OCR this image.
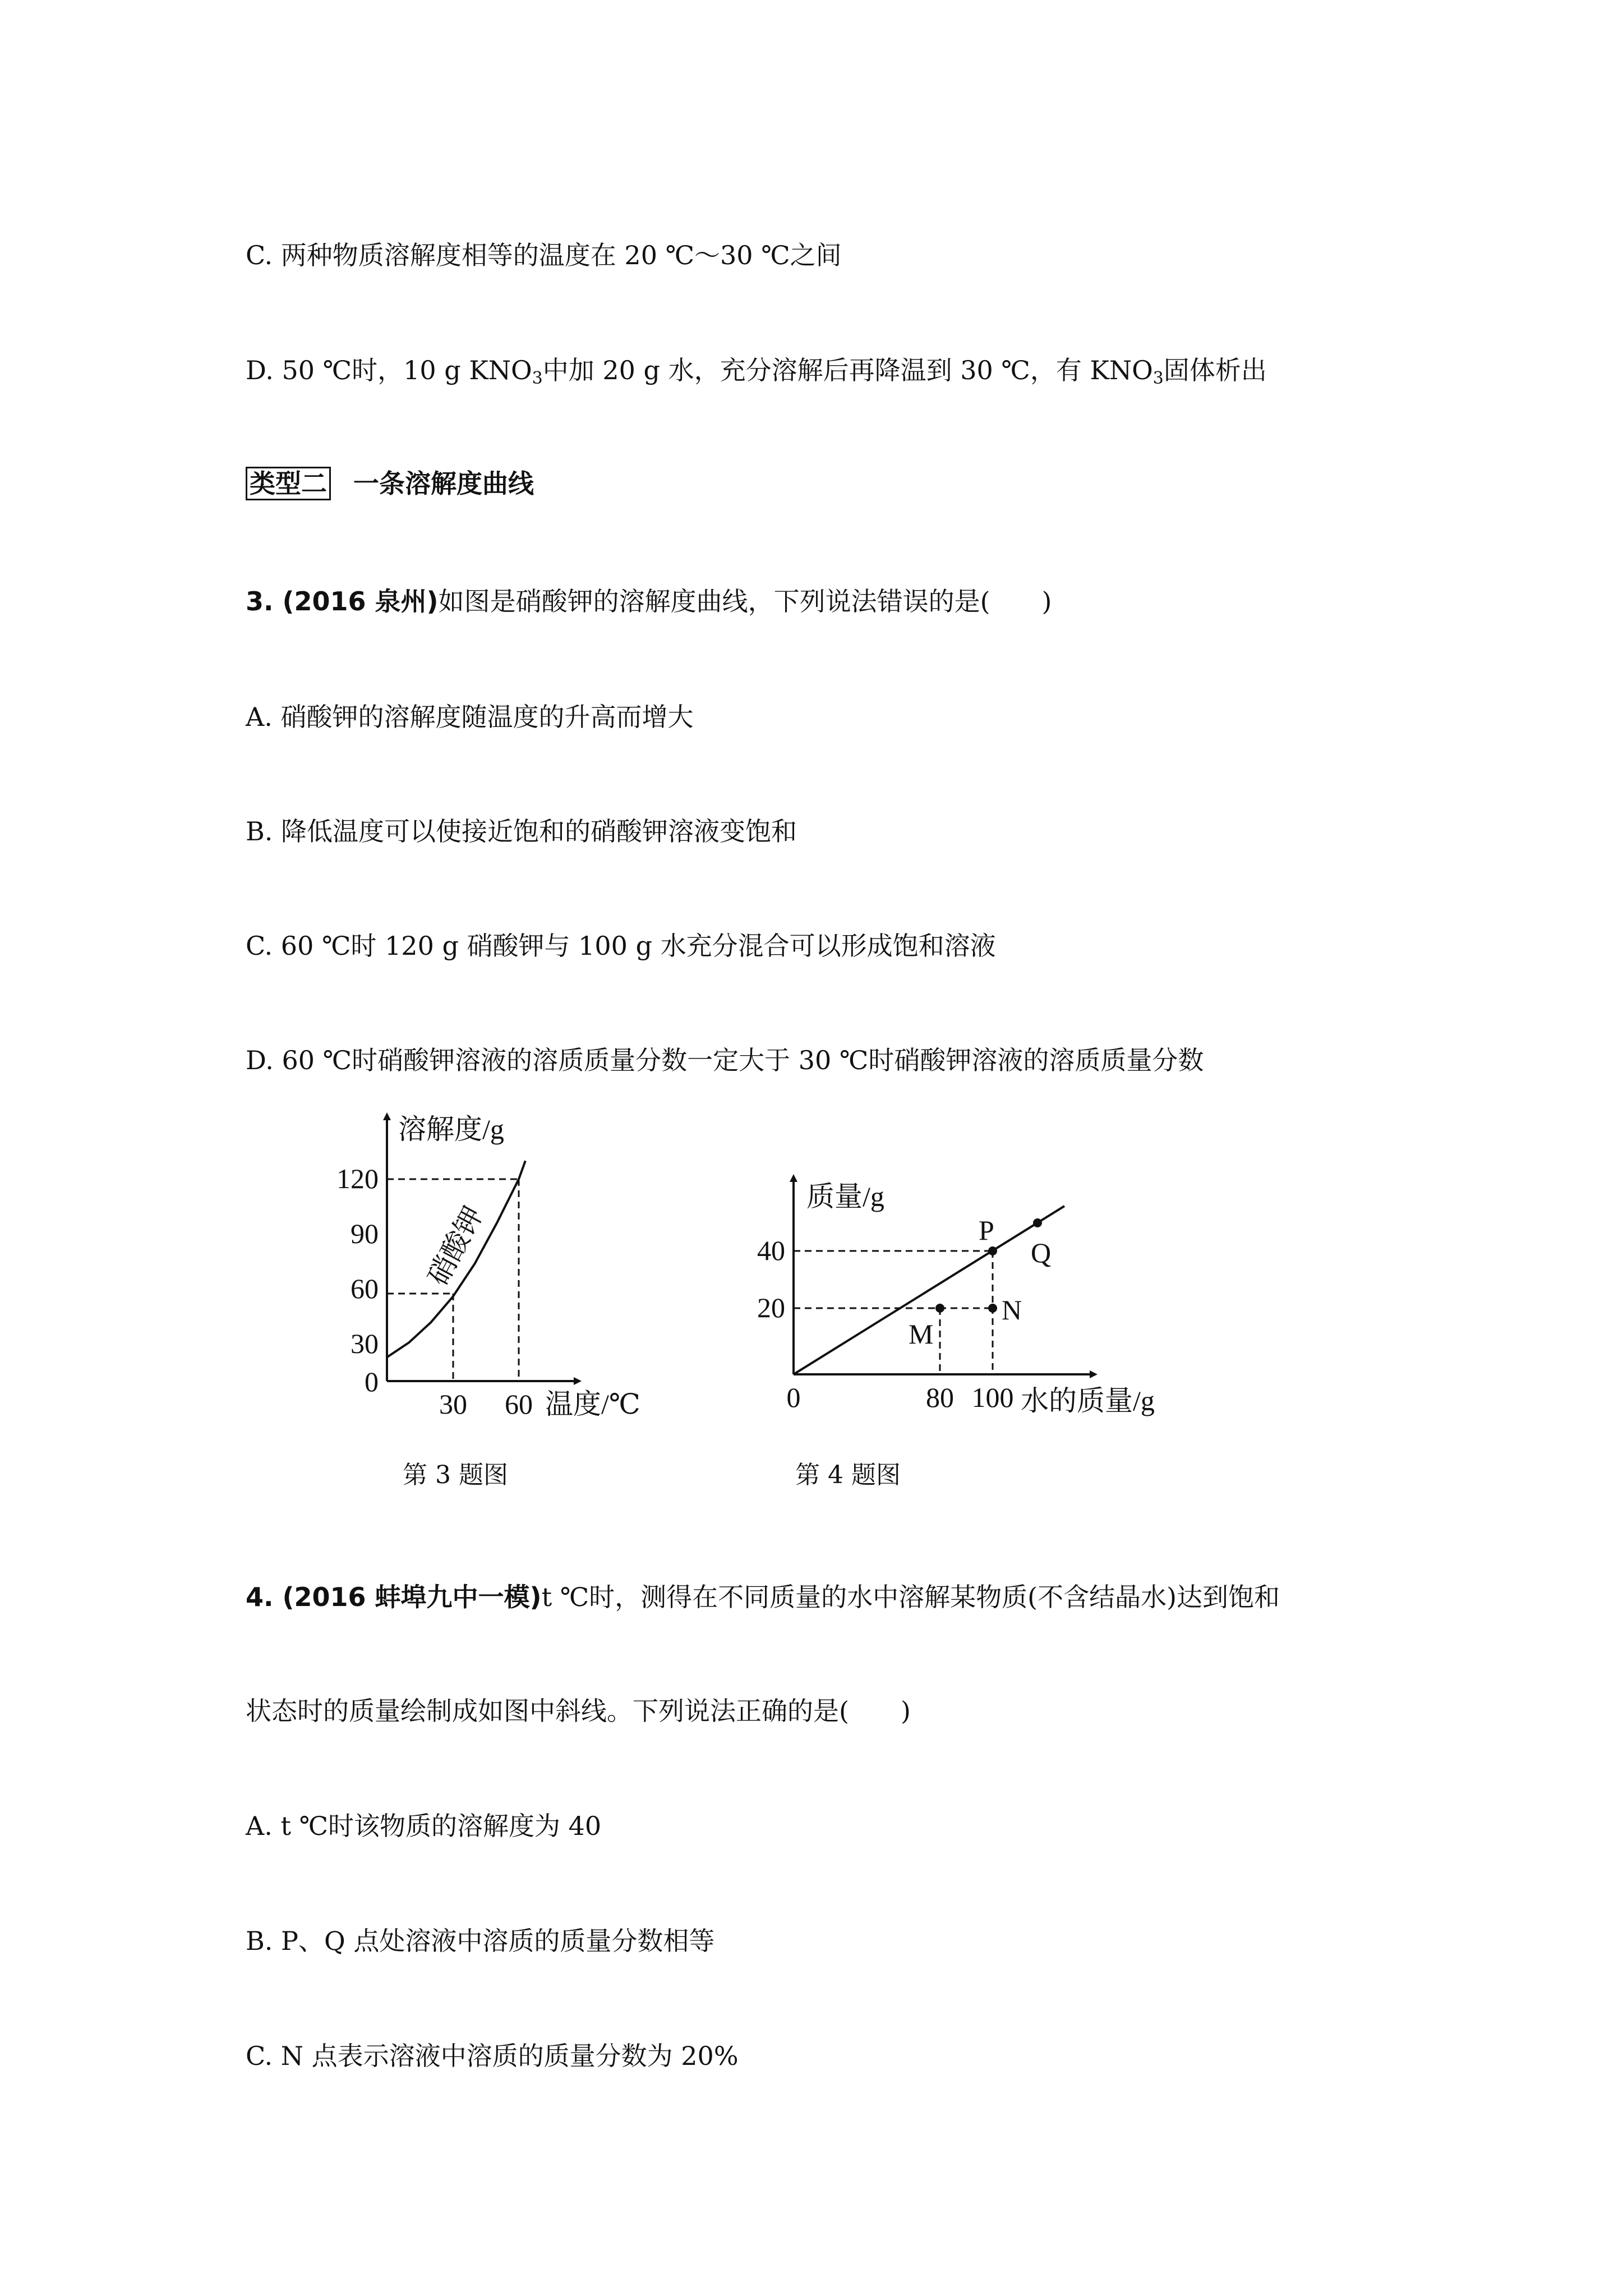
C. 两种物质溶解度相等的温度在 20 ℃～30 ℃之间
D. 50 ℃时，10 g $KNO_3$中加 20 g 水，充分溶解后再降温到 30 ℃，有 $KNO_3$固体析出
类型二 一条溶解度曲线
3. (2016 泉州)如图是硝酸钾的溶解度曲线，下列说法错误的是(　　)
A. 硝酸钾的溶解度随温度的升高而增大
B. 降低温度可以使接近饱和的硝酸钾溶液变饱和
C. 60 ℃时 120 g 硝酸钾与 100 g 水充分混合可以形成饱和溶液
D. 60 ℃时硝酸钾溶液的溶质质量分数一定大于 30 ℃时硝酸钾溶液的溶质质量分数
120
90
60
30
0
30 60
溶解度/g
温度/℃
硝酸钾
第 3 题图
P
Q
M
N
40
20
0	80 100
质量/g
水的质量/g
第 4 题图
4. (2016 蚌埠九中一模)t ℃时，测得在不同质量的水中溶解某物质(不含结晶水)达到饱和
状态时的质量绘制成如图中斜线。下列说法正确的是(　　)
A. t ℃时该物质的溶解度为 40
B. P、Q 点处溶液中溶质的质量分数相等
C. N 点表示溶液中溶质的质量分数为 20%
